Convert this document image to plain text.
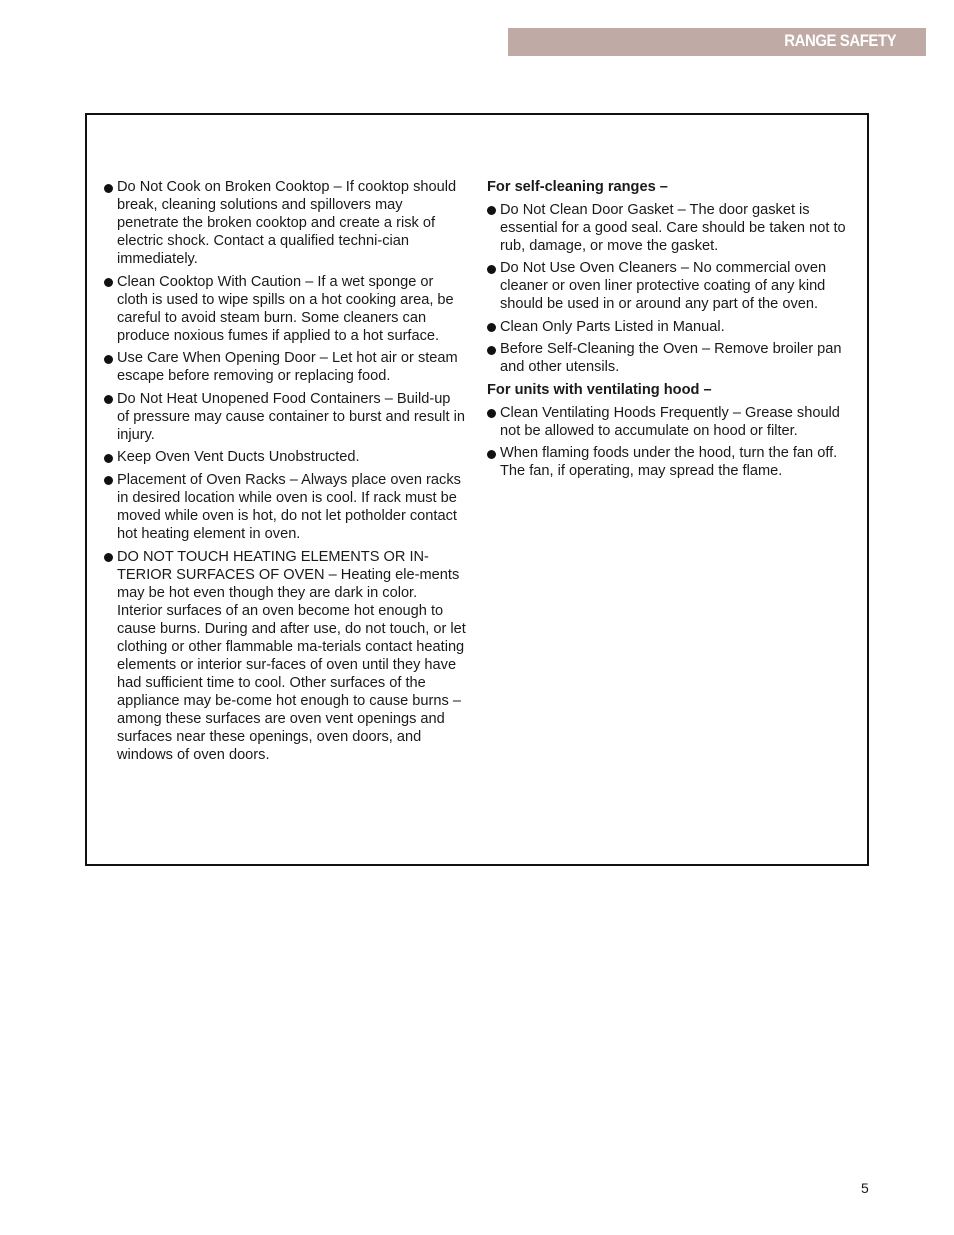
RANGE SAFETY
Do Not Cook on Broken Cooktop – If cooktop should break, cleaning solutions and spillovers may penetrate the broken cooktop and create a risk of electric shock. Contact a qualified techni-cian immediately.
Clean Cooktop With Caution – If a wet sponge or cloth is used to wipe spills on a hot cooking area, be careful to avoid steam burn. Some cleaners can produce noxious fumes if applied to a hot surface.
Use Care When Opening Door – Let hot air or steam escape before removing or replacing food.
Do Not Heat Unopened Food Containers – Build-up of pressure may cause container to burst and result in injury.
Keep Oven Vent Ducts Unobstructed.
Placement of Oven Racks – Always place oven racks in desired location while oven is cool. If rack must be moved while oven is hot, do not let potholder contact hot heating element in oven.
DO NOT TOUCH HEATING ELEMENTS OR IN-TERIOR SURFACES OF OVEN – Heating ele-ments may be hot even though they are dark in color. Interior surfaces of an oven become hot enough to cause burns. During and after use, do not touch, or let clothing or other flammable ma-terials contact heating elements or interior sur-faces of oven until they have had sufficient time to cool. Other surfaces of the appliance may be-come hot enough to cause burns – among these surfaces are oven vent openings and surfaces near these openings, oven doors, and windows of oven doors.
For self-cleaning ranges –
Do Not Clean Door Gasket – The door gasket is essential for a good seal. Care should be taken not to rub, damage, or move the gasket.
Do Not Use Oven Cleaners – No commercial oven cleaner or oven liner protective coating of any kind should be used in or around any part of the oven.
Clean Only Parts Listed in Manual.
Before Self-Cleaning the Oven – Remove broiler pan and other utensils.
For units with ventilating hood –
Clean Ventilating Hoods Frequently – Grease should not be allowed to accumulate on hood or filter.
When flaming foods under the hood, turn the fan off. The fan, if operating, may spread the flame.
5
